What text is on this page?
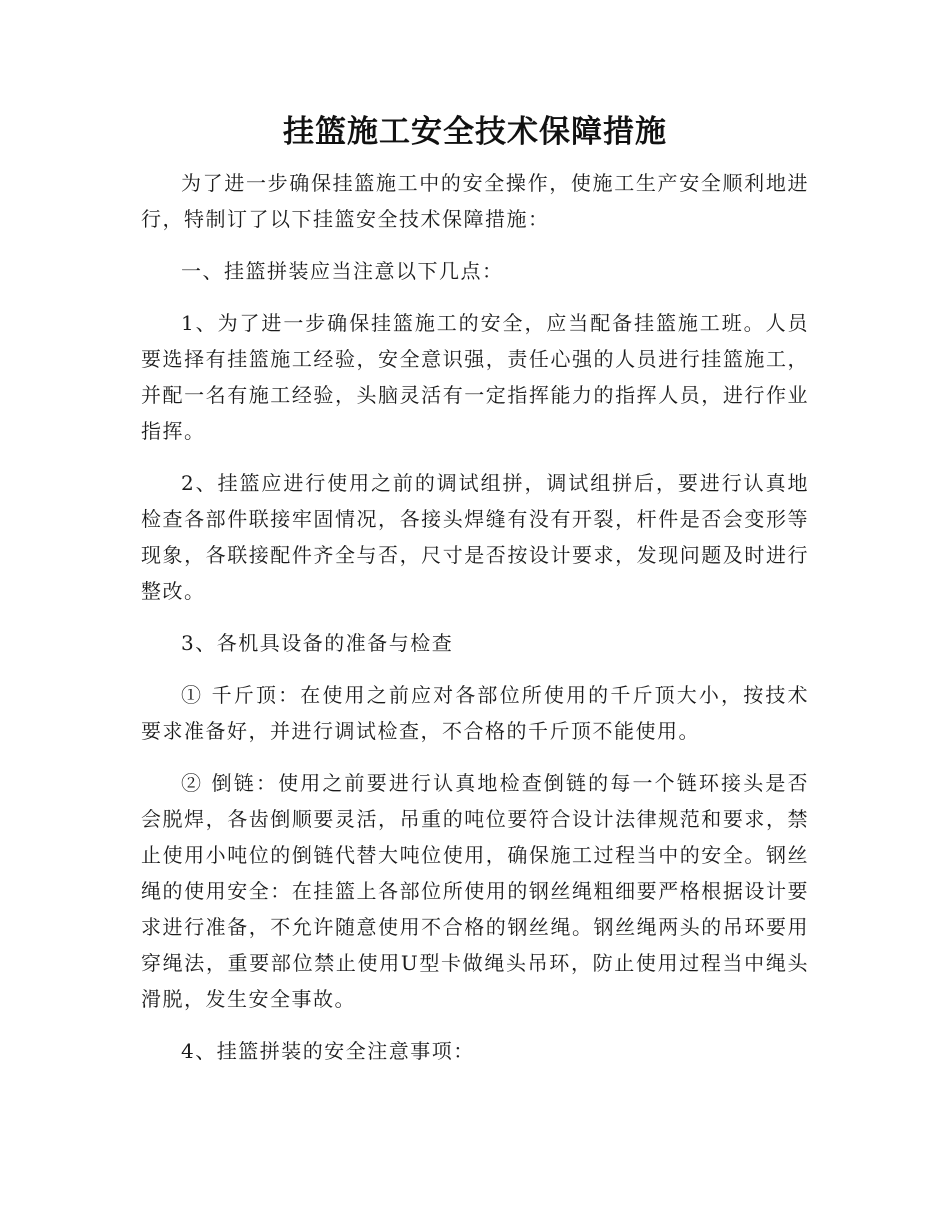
挂篮施工安全技术保障措施

为了进一步确保挂篮施工中的安全操作，使施工生产安全顺利地进行，特制订了以下挂篮安全技术保障措施：

一、挂篮拼装应当注意以下几点：

1、为了进一步确保挂篮施工的安全，应当配备挂篮施工班。人员要选择有挂篮施工经验，安全意识强，责任心强的人员进行挂篮施工，并配一名有施工经验，头脑灵活有一定指挥能力的指挥人员，进行作业指挥。

2、挂篮应进行使用之前的调试组拼，调试组拼后，要进行认真地检查各部件联接牢固情况，各接头焊缝有没有开裂，杆件是否会变形等现象，各联接配件齐全与否，尺寸是否按设计要求，发现问题及时进行整改。

3、各机具设备的准备与检查

① 千斤顶：在使用之前应对各部位所使用的千斤顶大小，按技术要求准备好，并进行调试检查，不合格的千斤顶不能使用。

② 倒链：使用之前要进行认真地检查倒链的每一个链环接头是否会脱焊，各齿倒顺要灵活，吊重的吨位要符合设计法律规范和要求，禁止使用小吨位的倒链代替大吨位使用，确保施工过程当中的安全。钢丝绳的使用安全：在挂篮上各部位所使用的钢丝绳粗细要严格根据设计要求进行准备，不允许随意使用不合格的钢丝绳。钢丝绳两头的吊环要用穿绳法，重要部位禁止使用U型卡做绳头吊环，防止使用过程当中绳头滑脱，发生安全事故。

4、挂篮拼装的安全注意事项：
